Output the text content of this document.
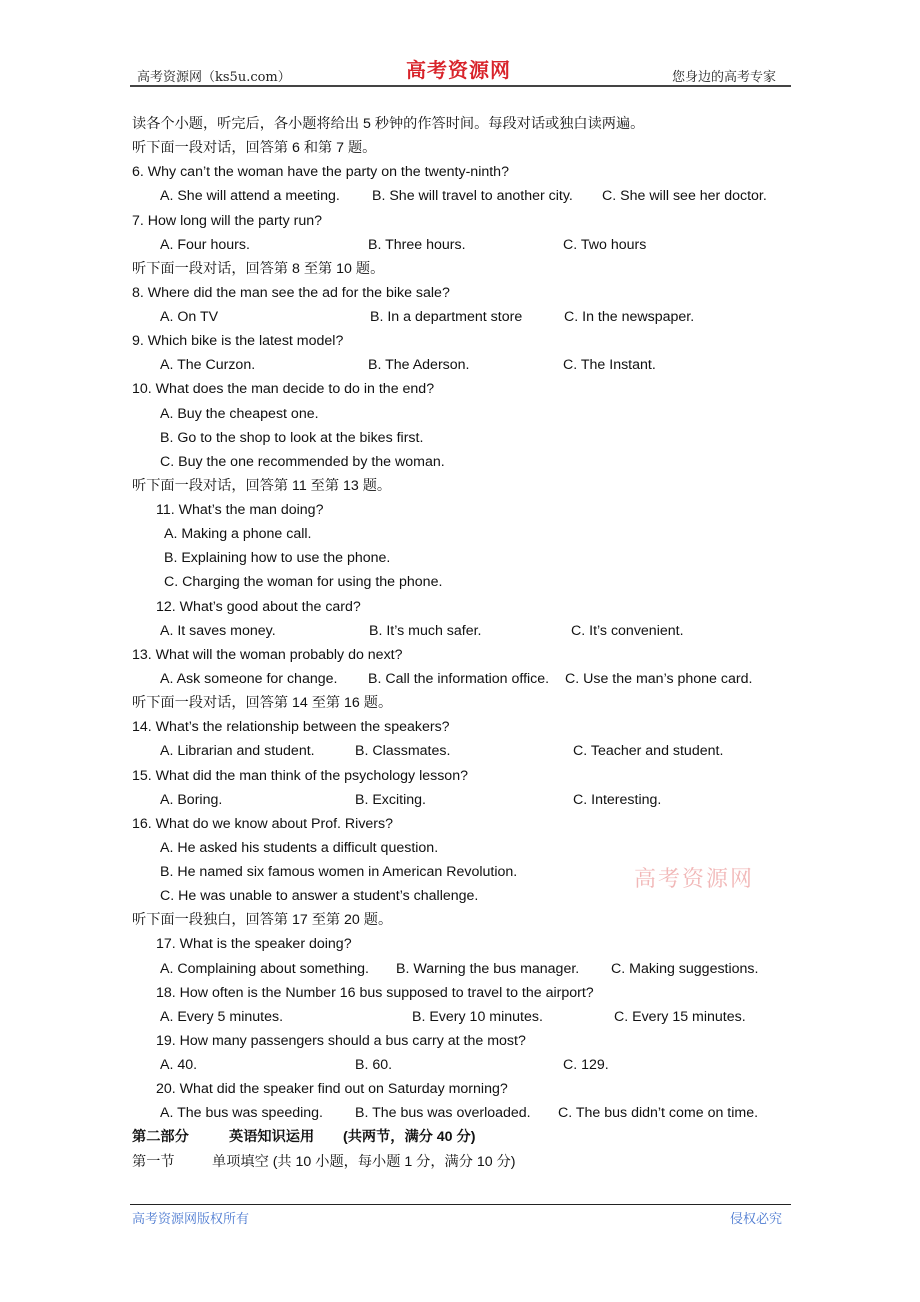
高考资源网（ks5u.com）	高考资源网	您身边的高考专家
读各个小题，听完后，各小题将给出 5 秒钟的作答时间。每段对话或独白读两遍。
听下面一段对话，回答第 6 和第 7 题。
6. Why can’t the woman have the party on the twenty-ninth?
A. She will attend a meeting. B. She will travel to another city. C. She will see her doctor.
7. How long will the party run?
A. Four hours.	B. Three hours.	C. Two hours
听下面一段对话，回答第 8 至第 10 题。
8. Where did the man see the ad for the bike sale?
A. On TV	B. In a department store	C. In the newspaper.
9. Which bike is the latest model?
A. The Curzon.	B. The Aderson.	C. The Instant.
10. What does the man decide to do in the end?
A. Buy the cheapest one.
B. Go to the shop to look at the bikes first.
C. Buy the one recommended by the woman.
听下面一段对话，回答第 11 至第 13 题。
11. What’s the man doing?
A. Making a phone call.
B. Explaining how to use the phone.
C. Charging the woman for using the phone.
12. What’s good about the card?
A. It saves money.	B. It’s much safer.	C. It’s convenient.
13. What will the woman probably do next?
A. Ask someone for change. B. Call the information office. C. Use the man’s phone card.
听下面一段对话，回答第 14 至第 16 题。
14. What’s the relationship between the speakers?
A. Librarian and student.	B. Classmates.	C. Teacher and student.
15. What did the man think of the psychology lesson?
A. Boring.	B. Exciting.	C. Interesting.
16. What do we know about Prof. Rivers?
A. He asked his students a difficult question.
B. He named six famous women in American Revolution.
C. He was unable to answer a student’s challenge.
听下面一段独白，回答第 17 至第 20 题。
17. What is the speaker doing?
A. Complaining about something. B. Warning the bus manager. C. Making suggestions.
18. How often is the Number 16 bus supposed to travel to the airport?
A. Every 5 minutes.	B. Every 10 minutes.	C. Every 15 minutes.
19. How many passengers should a bus carry at the most?
A. 40.	B. 60.	C. 129.
20. What did the speaker find out on Saturday morning?
A. The bus was speeding. B. The bus was overloaded. C. The bus didn’t come on time.
第二部分	英语知识运用 (共两节，满分 40 分)
第一节	单项填空 (共 10 小题，每小题 1 分，满分 10 分)
高考资源网
高考资源网版权所有	侵权必究
